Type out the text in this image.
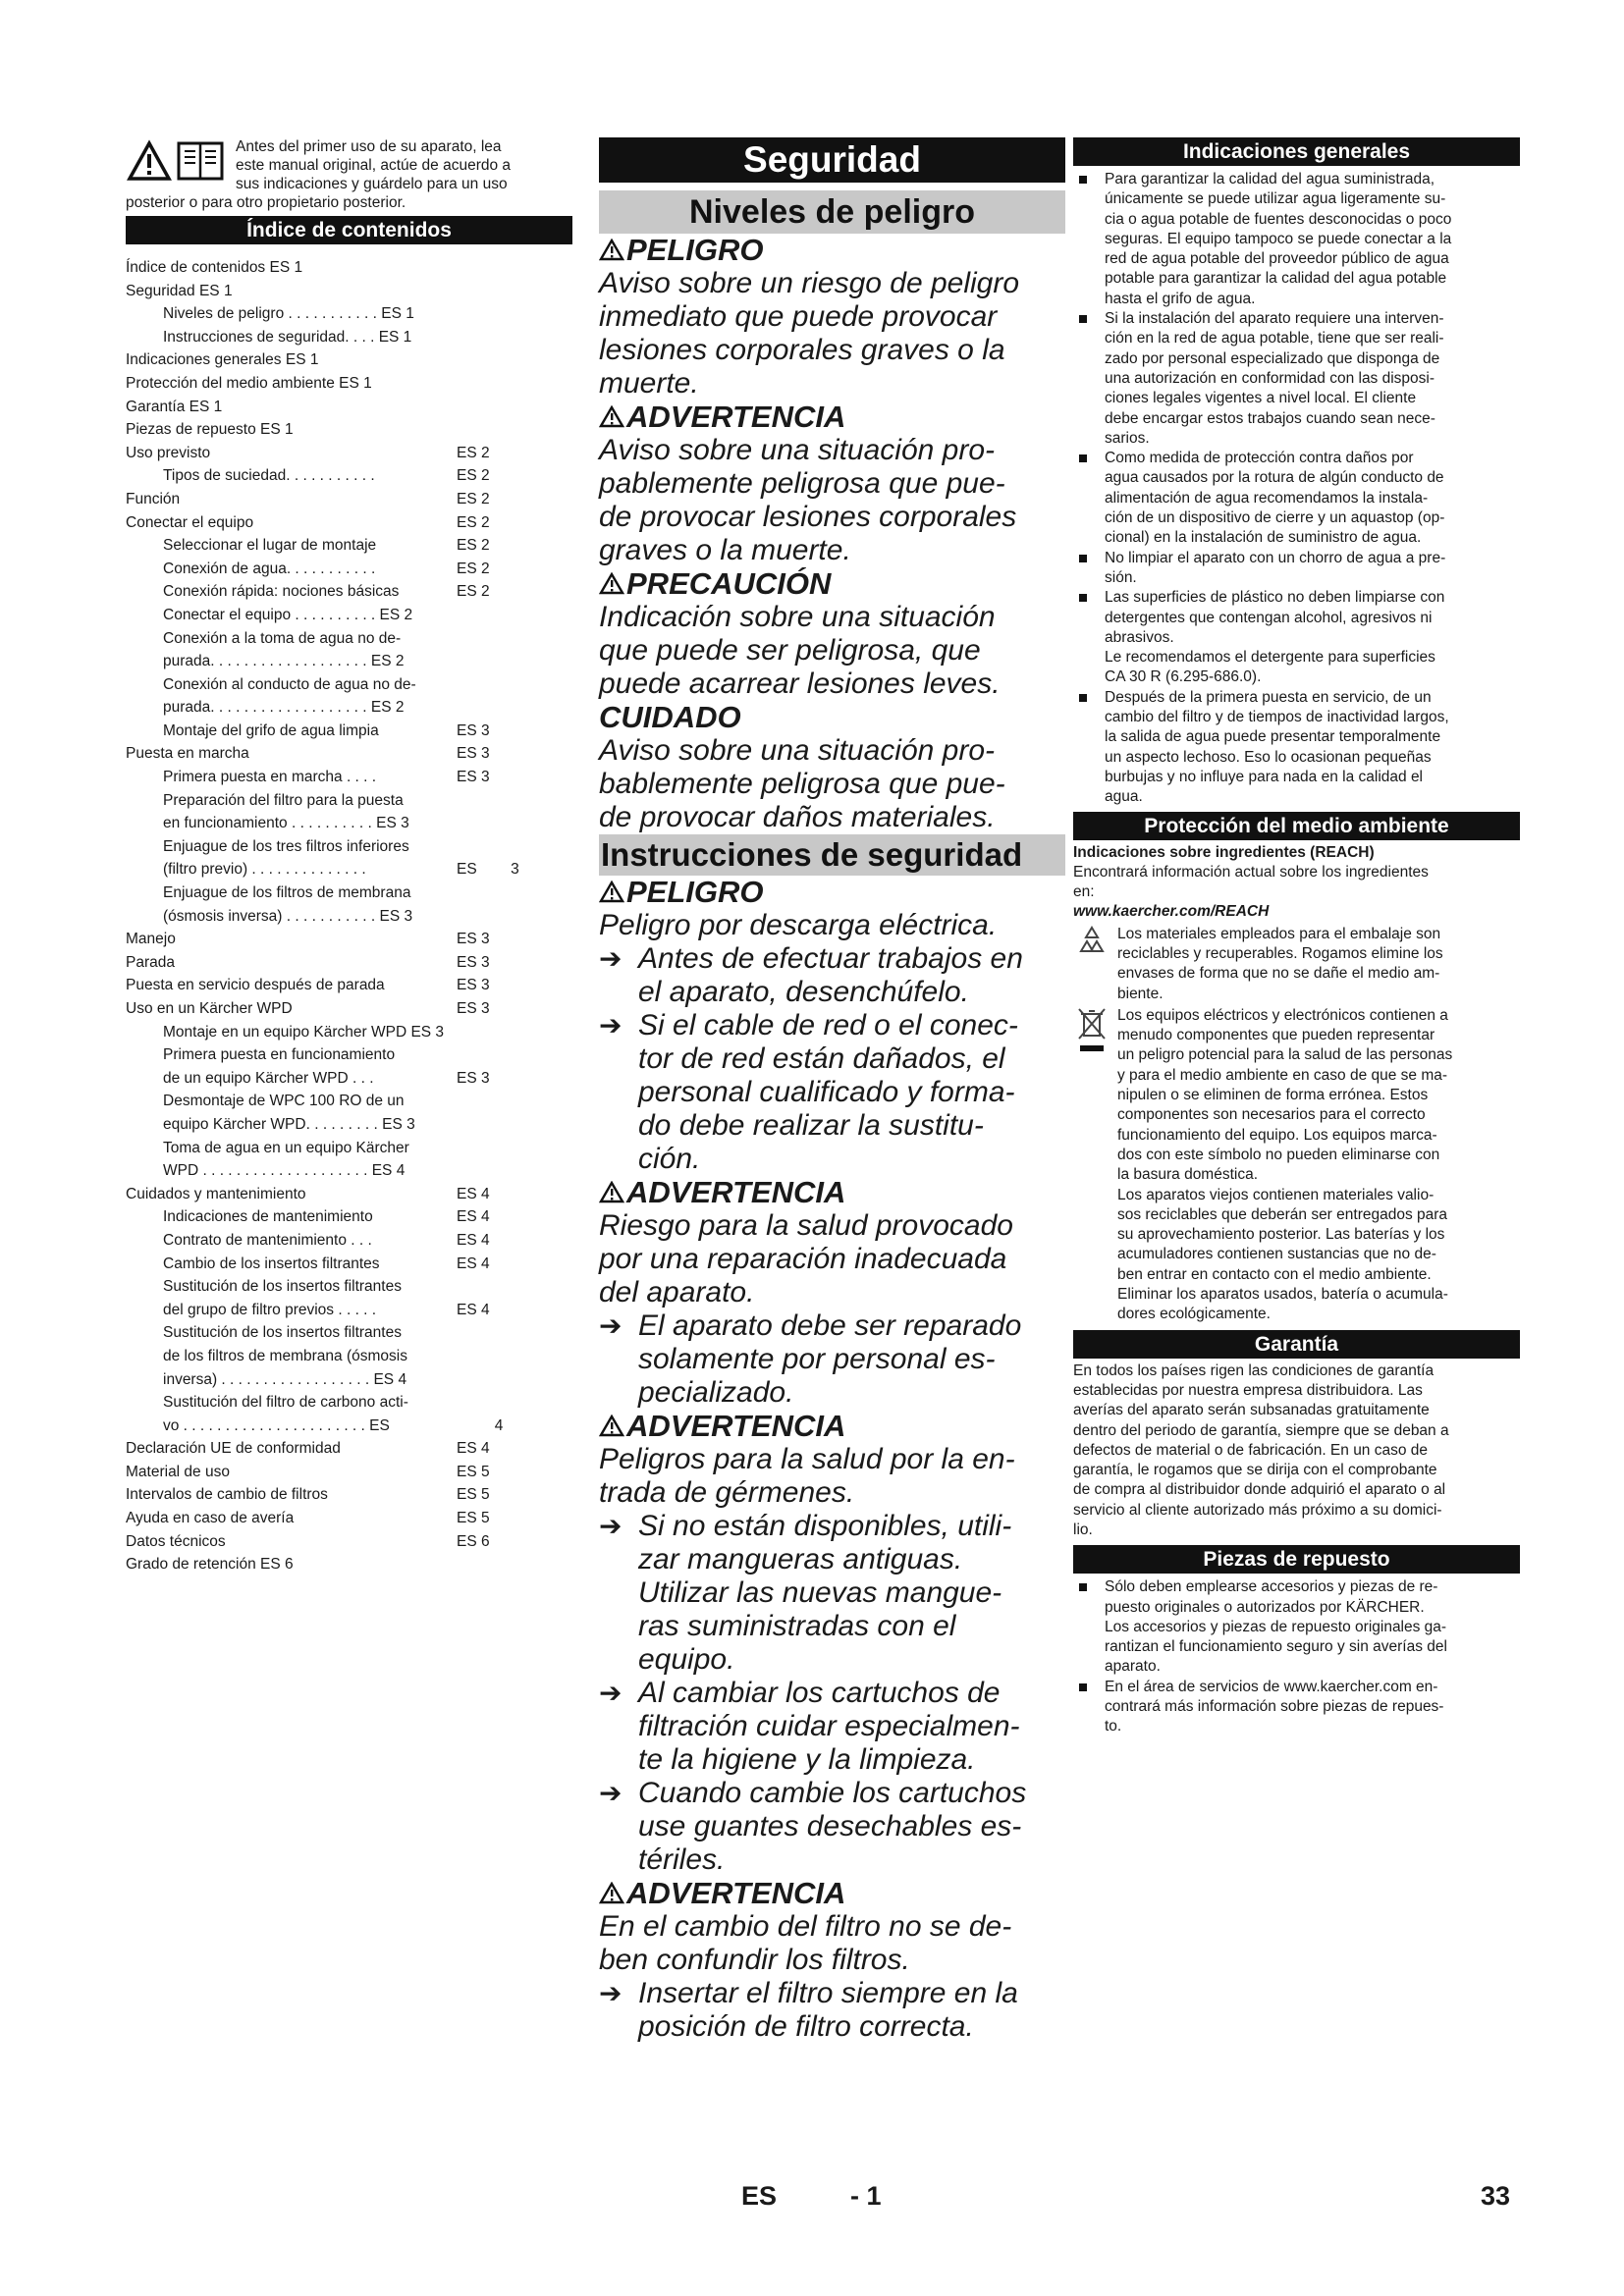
Antes del primer uso de su aparato, lea
este manual original, actúe de acuerdo a
sus indicaciones y guárdelo para un uso
posterior o para otro propietario posterior.
Índice de contenidos
Índice de contenidos ES 1
Seguridad ES 1
Niveles de peligro . . . . . . . . . . . ES 1
Instrucciones de seguridad. . . . ES 1
Indicaciones generales ES 1
Protección del medio ambiente ES 1
Garantía ES 1
Piezas de repuesto ES 1
Uso previsto	ES 2
Tipos de suciedad. . . . . . . . . . .	ES 2
Función	ES 2
Conectar el equipo	ES 2
Seleccionar el lugar de montaje	ES 2
Conexión de agua. . . . . . . . . . .	ES 2
Conexión rápida: nociones básicas	ES 2
Conectar el equipo . . . . . . . . . . ES 2
Conexión a la toma de agua no de-
purada. . . . . . . . . . . . . . . . . . . ES 2
Conexión al conducto de agua no de-
purada. . . . . . . . . . . . . . . . . . . ES 2
Montaje del grifo de agua limpia	ES 3
Puesta en marcha	ES 3
Primera puesta en marcha . . . .	ES 3
Preparación del filtro para la puesta
en funcionamiento . . . . . . . . . . ES 3
Enjuague de los tres filtros inferiores
(filtro previo) . . . . . . . . . . . . . .	ES        3
Enjuague de los filtros de membrana
(ósmosis inversa) . . . . . . . . . . . ES 3
Manejo	ES 3
Parada	ES 3
Puesta en servicio después de parada	ES 3
Uso en un Kärcher WPD	ES 3
Montaje en un equipo Kärcher WPD ES 3
Primera puesta en funcionamiento
de un equipo Kärcher WPD . . .	ES 3
Desmontaje de WPC 100 RO de un
equipo Kärcher WPD. . . . . . . . . ES 3
Toma de agua en un equipo Kärcher
WPD . . . . . . . . . . . . . . . . . . . . ES 4
Cuidados y mantenimiento	ES 4
Indicaciones de mantenimiento	ES 4
Contrato de mantenimiento . . .	ES 4
Cambio de los insertos filtrantes	ES 4
Sustitución de los insertos filtrantes
del grupo de filtro previos . . . . .	ES 4
Sustitución de los insertos filtrantes
de los filtros de membrana (ósmosis
inversa) . . . . . . . . . . . . . . . . . . ES 4
Sustitución del filtro de carbono acti-
vo . . . . . . . . . . . . . . . . . . . . . . ES	4
Declaración UE de conformidad	ES 4
Material de uso	ES 5
Intervalos de cambio de filtros	ES 5
Ayuda en caso de avería	ES 5
Datos técnicos	ES 6
Grado de retención ES 6
Seguridad
Niveles de peligro
PELIGRO
Aviso sobre un riesgo de peligro
inmediato que puede provocar
lesiones corporales graves o la
muerte.
ADVERTENCIA
Aviso sobre una situación pro-
pablemente peligrosa que pue-
de provocar lesiones corporales
graves o la muerte.
PRECAUCIÓN
Indicación sobre una situación
que puede ser peligrosa, que
puede acarrear lesiones leves.
CUIDADO
Aviso sobre una situación pro-
bablemente peligrosa que pue-
de provocar daños materiales.
Instrucciones de seguridad
PELIGRO
Peligro por descarga eléctrica.
➔ Antes de efectuar trabajos en
el aparato, desenchúfelo.
➔ Si el cable de red o el conec-
tor de red están dañados, el
personal cualificado y forma-
do debe realizar la sustitu-
ción.
ADVERTENCIA
Riesgo para la salud provocado
por una reparación inadecuada
del aparato.
➔ El aparato debe ser reparado
solamente por personal es-
pecializado.
ADVERTENCIA
Peligros para la salud por la en-
trada de gérmenes.
➔ Si no están disponibles, utili-
zar mangueras antiguas.
Utilizar las nuevas mangue-
ras suministradas con el
equipo.
➔ Al cambiar los cartuchos de
filtración cuidar especialmen-
te la higiene y la limpieza.
➔ Cuando cambie los cartuchos
use guantes desechables es-
tériles.
ADVERTENCIA
En el cambio del filtro no se de-
ben confundir los filtros.
➔ Insertar el filtro siempre en la
posición de filtro correcta.
Indicaciones generales
Para garantizar la calidad del agua suministrada,
únicamente se puede utilizar agua ligeramente su-
cia o agua potable de fuentes desconocidas o poco
seguras. El equipo tampoco se puede conectar a la
red de agua potable del proveedor público de agua
potable para garantizar la calidad del agua potable
hasta el grifo de agua.
Si la instalación del aparato requiere una interven-
ción en la red de agua potable, tiene que ser reali-
zado por personal especializado que disponga de
una autorización en conformidad con las disposi-
ciones legales vigentes a nivel local. El cliente
debe encargar estos trabajos cuando sean nece-
sarios.
Como medida de protección contra daños por
agua causados por la rotura de algún conducto de
alimentación de agua recomendamos la instala-
ción de un dispositivo de cierre y un aquastop (op-
cional) en la instalación de suministro de agua.
No limpiar el aparato con un chorro de agua a pre-
sión.
Las superficies de plástico no deben limpiarse con
detergentes que contengan alcohol, agresivos ni
abrasivos.
Le recomendamos el detergente para superficies
CA 30 R (6.295-686.0).
Después de la primera puesta en servicio, de un
cambio del filtro y de tiempos de inactividad largos,
la salida de agua puede presentar temporalmente
un aspecto lechoso. Eso lo ocasionan pequeñas
burbujas y no influye para nada en la calidad el
agua.
Protección del medio ambiente
Indicaciones sobre ingredientes (REACH)
Encontrará información actual sobre los ingredientes
en:
www.kaercher.com/REACH
Los materiales empleados para el embalaje son
reciclables y recuperables. Rogamos elimine los
envases de forma que no se dañe el medio am-
biente.
Los equipos eléctricos y electrónicos contienen a
menudo componentes que pueden representar
un peligro potencial para la salud de las personas
y para el medio ambiente en caso de que se ma-
nipulen o se eliminen de forma errónea. Estos
componentes son necesarios para el correcto
funcionamiento del equipo. Los equipos marca-
dos con este símbolo no pueden eliminarse con
la basura doméstica.
Los aparatos viejos contienen materiales valio-
sos reciclables que deberán ser entregados para
su aprovechamiento posterior. Las baterías y los
acumuladores contienen sustancias que no de-
ben entrar en contacto con el medio ambiente.
Eliminar los aparatos usados, batería o acumula-
dores ecológicamente.
Garantía
En todos los países rigen las condiciones de garantía
establecidas por nuestra empresa distribuidora. Las
averías del aparato serán subsanadas gratuitamente
dentro del periodo de garantía, siempre que se deban a
defectos de material o de fabricación. En un caso de
garantía, le rogamos que se dirija con el comprobante
de compra al distribuidor donde adquirió el aparato o al
servicio al cliente autorizado más próximo a su domici-
lio.
Piezas de repuesto
Sólo deben emplearse accesorios y piezas de re-
puesto originales o autorizados por KÄRCHER.
Los accesorios y piezas de repuesto originales ga-
rantizan el funcionamiento seguro y sin averías del
aparato.
En el área de servicios de www.kaercher.com en-
contrará más información sobre piezas de repues-
to.
ES	- 1	33
